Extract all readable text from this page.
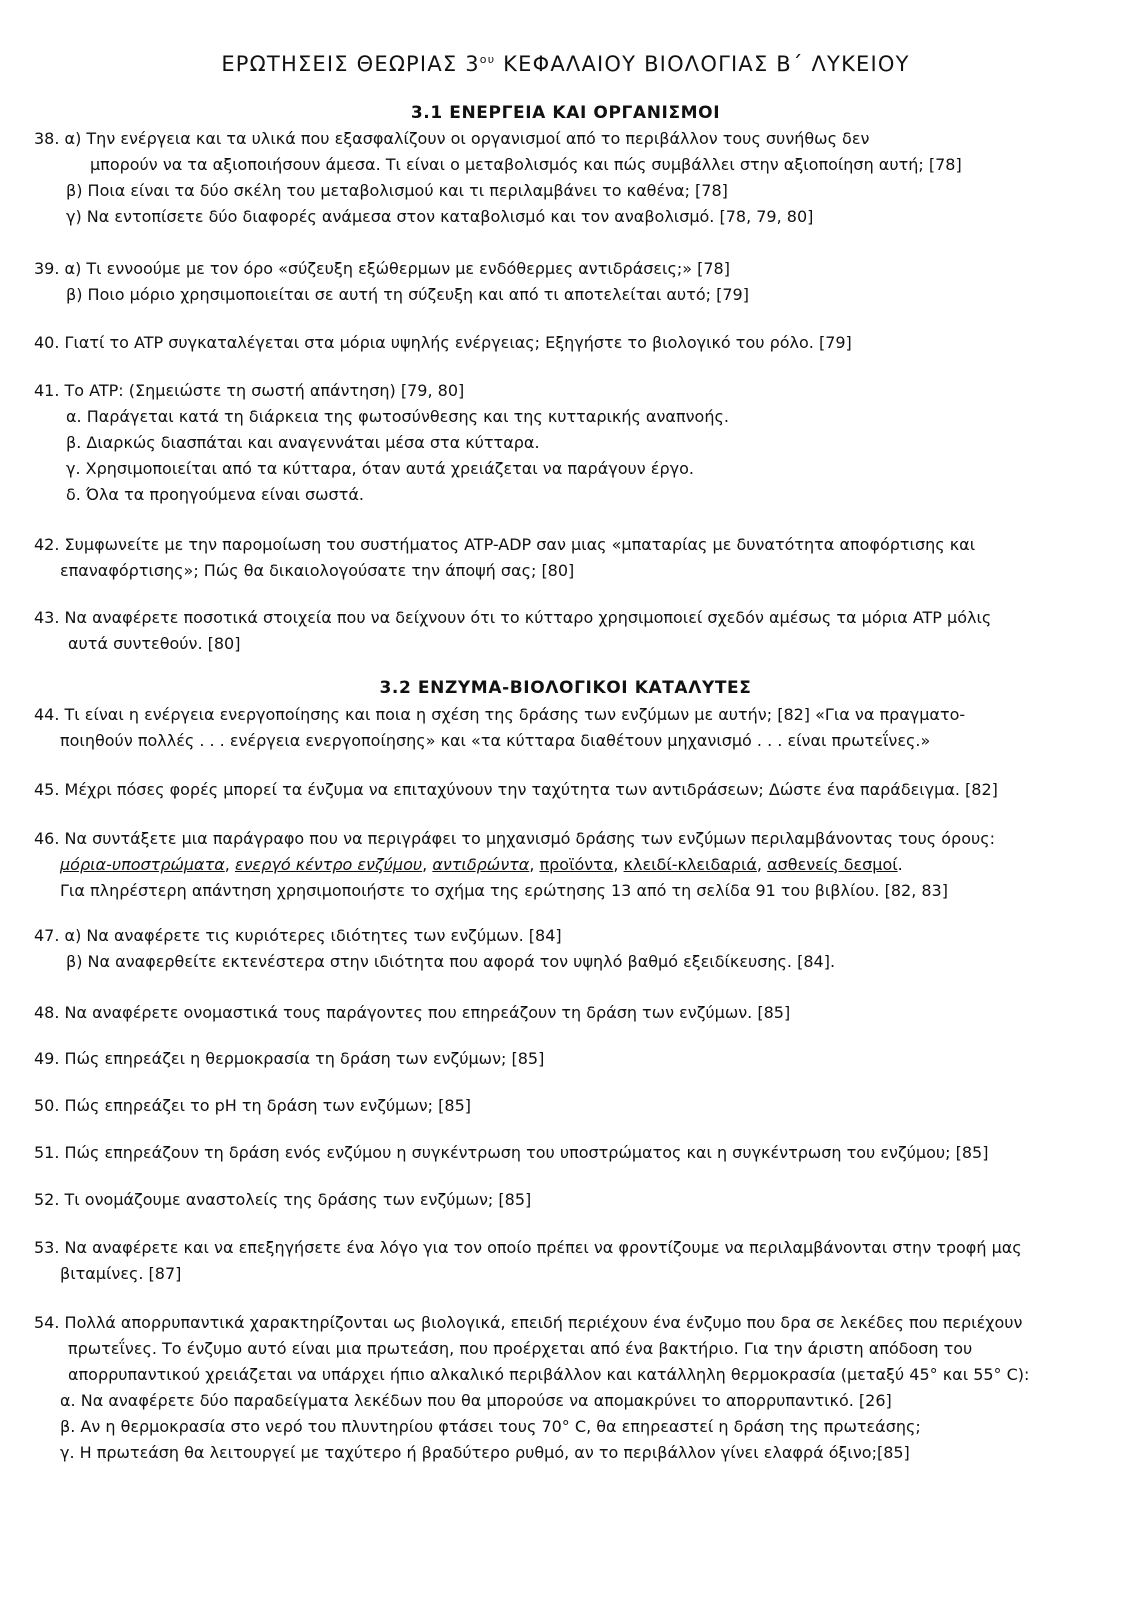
ΕΡΩΤΗΣΕΙΣ ΘΕΩΡΙΑΣ $3^{o\upsilon}$ ΚΕΦΑΛΑΙΟΥ ΒΙΟΛΟΓΙΑΣ Β΄ ΛΥΚΕΙΟΥ
3.1 ΕΝΕΡΓΕΙΑ ΚΑΙ ΟΡΓΑΝΙΣΜΟΙ
38. α) Την ενέργεια και τα υλικά που εξασφαλίζουν οι οργανισμοί από το περιβάλλον τους συνήθως δεν
μπορούν να τα αξιοποιήσουν άμεσα. Τι είναι ο μεταβολισμός και πώς συμβάλλει στην αξιοποίηση αυτή; [78]
β) Ποια είναι τα δύο σκέλη του μεταβολισμού και τι περιλαμβάνει το καθένα; [78]
γ) Να εντοπίσετε δύο διαφορές ανάμεσα στον καταβολισμό και τον αναβολισμό. [78, 79, 80]
39. α) Τι εννοούμε με τον όρο «σύζευξη εξώθερμων με ενδόθερμες αντιδράσεις;» [78]
β) Ποιο μόριο χρησιμοποιείται σε αυτή τη σύζευξη και από τι αποτελείται αυτό; [79]
40. Γιατί το ATP συγκαταλέγεται στα μόρια υψηλής ενέργειας; Εξηγήστε το βιολογικό του ρόλο. [79]
41. Το ATP: (Σημειώστε τη σωστή απάντηση) [79, 80]
α. Παράγεται κατά τη διάρκεια της φωτοσύνθεσης και της κυτταρικής αναπνοής.
β. Διαρκώς διασπάται και αναγεννάται μέσα στα κύτταρα.
γ. Χρησιμοποιείται από τα κύτταρα, όταν αυτά χρειάζεται να παράγουν έργο.
δ. Όλα τα προηγούμενα είναι σωστά.
42. Συμφωνείτε με την παρομοίωση του συστήματος ATP-ADP σαν μιας «μπαταρίας με δυνατότητα αποφόρτισης και
επαναφόρτισης»; Πώς θα δικαιολογούσατε την άποψή σας; [80]
43. Να αναφέρετε ποσοτικά στοιχεία που να δείχνουν ότι το κύτταρο χρησιμοποιεί σχεδόν αμέσως τα μόρια ATP μόλις
αυτά συντεθούν. [80]
3.2 ΕΝΖΥΜΑ-ΒΙΟΛΟΓΙΚΟΙ ΚΑΤΑΛΥΤΕΣ
44. Τι είναι η ενέργεια ενεργοποίησης και ποια η σχέση της δράσης των ενζύμων με αυτήν; [82] «Για να πραγματο-
ποιηθούν πολλές . . . ενέργεια ενεργοποίησης» και «τα κύτταρα διαθέτουν μηχανισμό . . . είναι πρωτεΐνες.»
45. Μέχρι πόσες φορές μπορεί τα ένζυμα να επιταχύνουν την ταχύτητα των αντιδράσεων; Δώστε ένα παράδειγμα. [82]
46. Να συντάξετε μια παράγραφο που να περιγράφει το μηχανισμό δράσης των ενζύμων περιλαμβάνοντας τους όρους:
μόρια-υποστρώματα, ενεργό κέντρο ενζύμου, αντιδρώντα, προϊόντα, κλειδί-κλειδαριά, ασθενείς δεσμοί.
Για πληρέστερη απάντηση χρησιμοποιήστε το σχήμα της ερώτησης 13 από τη σελίδα 91 του βιβλίου. [82, 83]
47. α) Να αναφέρετε τις κυριότερες ιδιότητες των ενζύμων. [84]
β) Να αναφερθείτε εκτενέστερα στην ιδιότητα που αφορά τον υψηλό βαθμό εξειδίκευσης. [84].
48. Να αναφέρετε ονομαστικά τους παράγοντες που επηρεάζουν τη δράση των ενζύμων. [85]
49. Πώς επηρεάζει η θερμοκρασία τη δράση των ενζύμων; [85]
50. Πώς επηρεάζει το pH τη δράση των ενζύμων; [85]
51. Πώς επηρεάζουν τη δράση ενός ενζύμου η συγκέντρωση του υποστρώματος και η συγκέντρωση του ενζύμου; [85]
52. Τι ονομάζουμε αναστολείς της δράσης των ενζύμων; [85]
53. Να αναφέρετε και να επεξηγήσετε ένα λόγο για τον οποίο πρέπει να φροντίζουμε να περιλαμβάνονται στην τροφή μας
βιταμίνες. [87]
54. Πολλά απορρυπαντικά χαρακτηρίζονται ως βιολογικά, επειδή περιέχουν ένα ένζυμο που δρα σε λεκέδες που περιέχουν
πρωτεΐνες. Το ένζυμο αυτό είναι μια πρωτεάση, που προέρχεται από ένα βακτήριο. Για την άριστη απόδοση του
απορρυπαντικού χρειάζεται να υπάρχει ήπιο αλκαλικό περιβάλλον και κατάλληλη θερμοκρασία (μεταξύ 45° και 55° C):
α. Να αναφέρετε δύο παραδείγματα λεκέδων που θα μπορούσε να απομακρύνει το απορρυπαντικό. [26]
β. Αν η θερμοκρασία στο νερό του πλυντηρίου φτάσει τους 70° C, θα επηρεαστεί η δράση της πρωτεάσης;
γ. Η πρωτεάση θα λειτουργεί με ταχύτερο ή βραδύτερο ρυθμό, αν το περιβάλλον γίνει ελαφρά όξινο;[85]
